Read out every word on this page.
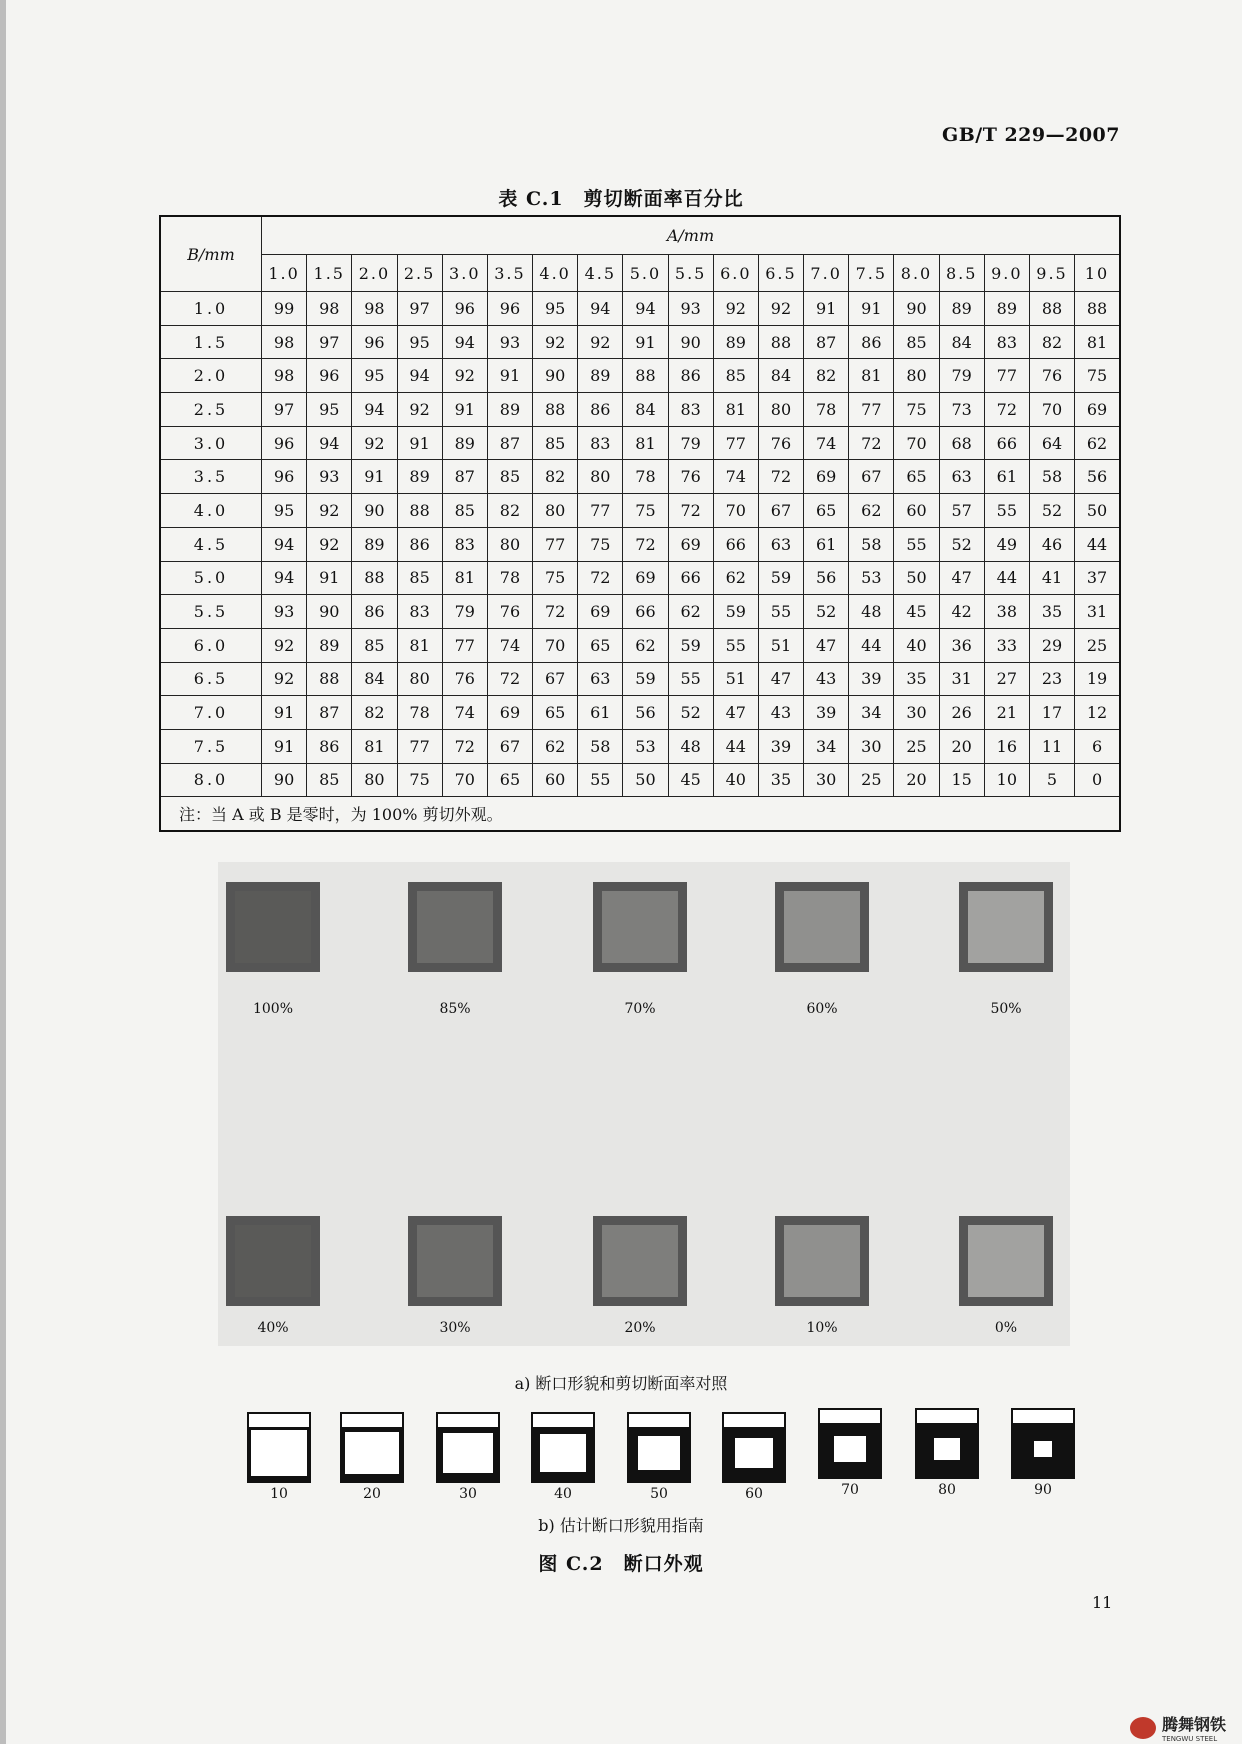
GB/T 229—2007
表 C.1　剪切断面率百分比
B/mm	A/mm																		
	1.0	1.5	2.0	2.5	3.0	3.5	4.0	4.5	5.0	5.5	6.0	6.5	7.0	7.5	8.0	8.5	9.0	9.5	10
1.0	99	98	98	97	96	96	95	94	94	93	92	92	91	91	90	89	89	88	88
1.5	98	97	96	95	94	93	92	92	91	90	89	88	87	86	85	84	83	82	81
2.0	98	96	95	94	92	91	90	89	88	86	85	84	82	81	80	79	77	76	75
2.5	97	95	94	92	91	89	88	86	84	83	81	80	78	77	75	73	72	70	69
3.0	96	94	92	91	89	87	85	83	81	79	77	76	74	72	70	68	66	64	62
3.5	96	93	91	89	87	85	82	80	78	76	74	72	69	67	65	63	61	58	56
4.0	95	92	90	88	85	82	80	77	75	72	70	67	65	62	60	57	55	52	50
4.5	94	92	89	86	83	80	77	75	72	69	66	63	61	58	55	52	49	46	44
5.0	94	91	88	85	81	78	75	72	69	66	62	59	56	53	50	47	44	41	37
5.5	93	90	86	83	79	76	72	69	66	62	59	55	52	48	45	42	38	35	31
6.0	92	89	85	81	77	74	70	65	62	59	55	51	47	44	40	36	33	29	25
6.5	92	88	84	80	76	72	67	63	59	55	51	47	43	39	35	31	27	23	19
7.0	91	87	82	78	74	69	65	61	56	52	47	43	39	34	30	26	21	17	12
7.5	91	86	81	77	72	67	62	58	53	48	44	39	34	30	25	20	16	11	6
8.0	90	85	80	75	70	65	60	55	50	45	40	35	30	25	20	15	10	5	0
注：当 A 或 B 是零时，为 100% 剪切外观。																			
100%	85%	70%	60%	50%
40%	30%	20%	10%	0%
a) 断口形貌和剪切断面率对照
10	20	30	40	50	60	70	80	90
b) 估计断口形貌用指南
图 C.2　断口外观
11
腾舞钢铁
TENGWU STEEL
